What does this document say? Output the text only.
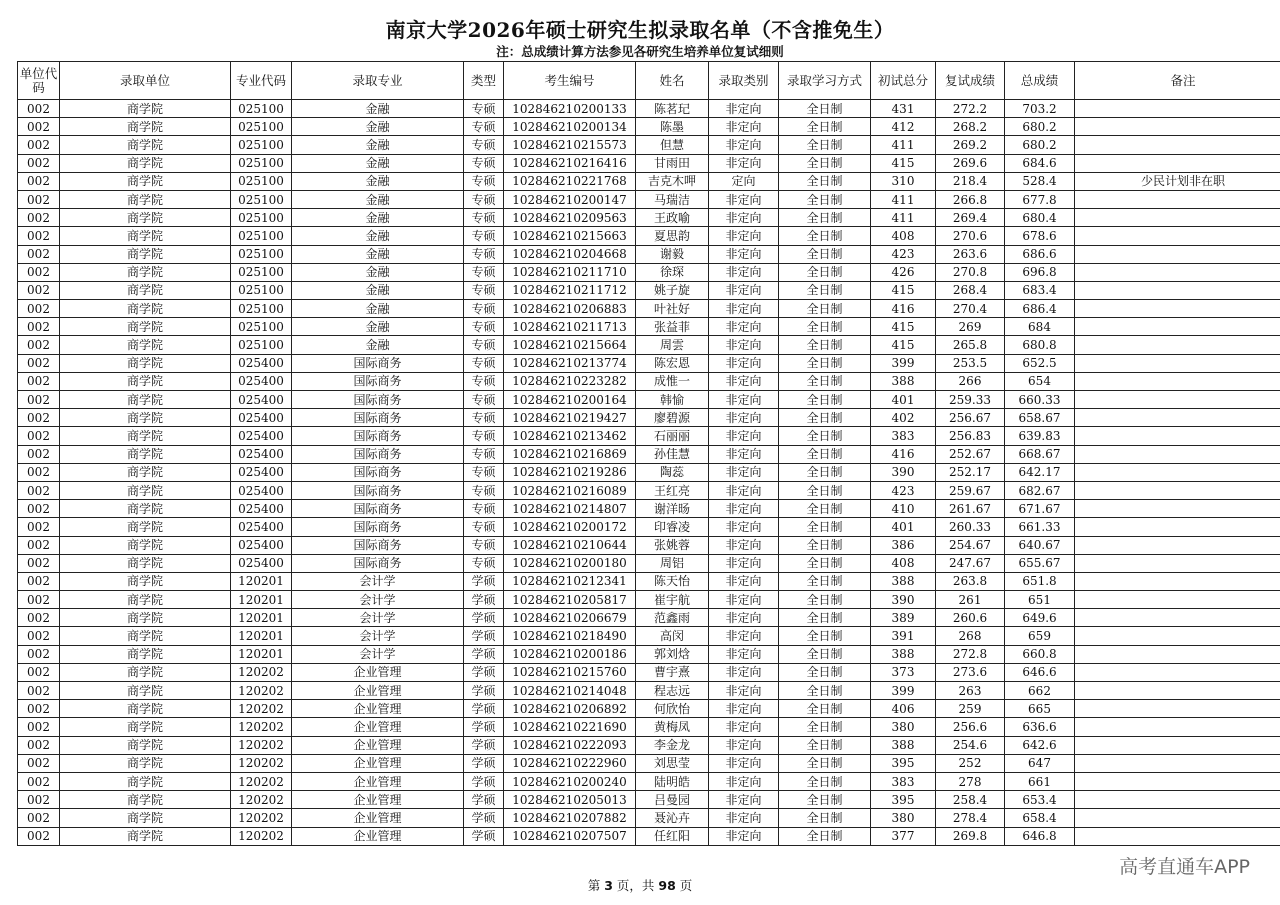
南京大学2026年硕士研究生拟录取名单（不含推免生）
注：总成绩计算方法参见各研究生培养单位复试细则
单位代码	录取单位	专业代码	录取专业	类型	考生编号	姓名	录取类别	录取学习方式	初试总分	复试成绩	总成绩	备注
002	商学院	025100	金融	专硕	102846210200133	陈茗玘	非定向	全日制	431	272.2	703.2	
002	商学院	025100	金融	专硕	102846210200134	陈墨	非定向	全日制	412	268.2	680.2	
002	商学院	025100	金融	专硕	102846210215573	但慧	非定向	全日制	411	269.2	680.2	
002	商学院	025100	金融	专硕	102846210216416	甘雨田	非定向	全日制	415	269.6	684.6	
002	商学院	025100	金融	专硕	102846210221768	吉克木呷	定向	全日制	310	218.4	528.4	少民计划非在职
002	商学院	025100	金融	专硕	102846210200147	马瑞洁	非定向	全日制	411	266.8	677.8	
002	商学院	025100	金融	专硕	102846210209563	王政喻	非定向	全日制	411	269.4	680.4	
002	商学院	025100	金融	专硕	102846210215663	夏思韵	非定向	全日制	408	270.6	678.6	
002	商学院	025100	金融	专硕	102846210204668	谢毅	非定向	全日制	423	263.6	686.6	
002	商学院	025100	金融	专硕	102846210211710	徐琛	非定向	全日制	426	270.8	696.8	
002	商学院	025100	金融	专硕	102846210211712	姚子旋	非定向	全日制	415	268.4	683.4	
002	商学院	025100	金融	专硕	102846210206883	叶社好	非定向	全日制	416	270.4	686.4	
002	商学院	025100	金融	专硕	102846210211713	张益菲	非定向	全日制	415	269	684	
002	商学院	025100	金融	专硕	102846210215664	周雲	非定向	全日制	415	265.8	680.8	
002	商学院	025400	国际商务	专硕	102846210213774	陈宏恩	非定向	全日制	399	253.5	652.5	
002	商学院	025400	国际商务	专硕	102846210223282	成惟一	非定向	全日制	388	266	654	
002	商学院	025400	国际商务	专硕	102846210200164	韩愉	非定向	全日制	401	259.33	660.33	
002	商学院	025400	国际商务	专硕	102846210219427	廖碧源	非定向	全日制	402	256.67	658.67	
002	商学院	025400	国际商务	专硕	102846210213462	石丽丽	非定向	全日制	383	256.83	639.83	
002	商学院	025400	国际商务	专硕	102846210216869	孙佳慧	非定向	全日制	416	252.67	668.67	
002	商学院	025400	国际商务	专硕	102846210219286	陶蕊	非定向	全日制	390	252.17	642.17	
002	商学院	025400	国际商务	专硕	102846210216089	王红亮	非定向	全日制	423	259.67	682.67	
002	商学院	025400	国际商务	专硕	102846210214807	谢洋旸	非定向	全日制	410	261.67	671.67	
002	商学院	025400	国际商务	专硕	102846210200172	印睿凌	非定向	全日制	401	260.33	661.33	
002	商学院	025400	国际商务	专硕	102846210210644	张姚蓉	非定向	全日制	386	254.67	640.67	
002	商学院	025400	国际商务	专硕	102846210200180	周铝	非定向	全日制	408	247.67	655.67	
002	商学院	120201	会计学	学硕	102846210212341	陈天怡	非定向	全日制	388	263.8	651.8	
002	商学院	120201	会计学	学硕	102846210205817	崔宇航	非定向	全日制	390	261	651	
002	商学院	120201	会计学	学硕	102846210206679	范鑫雨	非定向	全日制	389	260.6	649.6	
002	商学院	120201	会计学	学硕	102846210218490	高闵	非定向	全日制	391	268	659	
002	商学院	120201	会计学	学硕	102846210200186	郭刘焓	非定向	全日制	388	272.8	660.8	
002	商学院	120202	企业管理	学硕	102846210215760	曹宇熹	非定向	全日制	373	273.6	646.6	
002	商学院	120202	企业管理	学硕	102846210214048	程志远	非定向	全日制	399	263	662	
002	商学院	120202	企业管理	学硕	102846210206892	何欣怡	非定向	全日制	406	259	665	
002	商学院	120202	企业管理	学硕	102846210221690	黄梅凤	非定向	全日制	380	256.6	636.6	
002	商学院	120202	企业管理	学硕	102846210222093	李金龙	非定向	全日制	388	254.6	642.6	
002	商学院	120202	企业管理	学硕	102846210222960	刘思莹	非定向	全日制	395	252	647	
002	商学院	120202	企业管理	学硕	102846210200240	陆明皓	非定向	全日制	383	278	661	
002	商学院	120202	企业管理	学硕	102846210205013	吕曼园	非定向	全日制	395	258.4	653.4	
002	商学院	120202	企业管理	学硕	102846210207882	聂沁卉	非定向	全日制	380	278.4	658.4	
002	商学院	120202	企业管理	学硕	102846210207507	任红阳	非定向	全日制	377	269.8	646.8	
第 3 页，共 98 页
高考直通车APP
